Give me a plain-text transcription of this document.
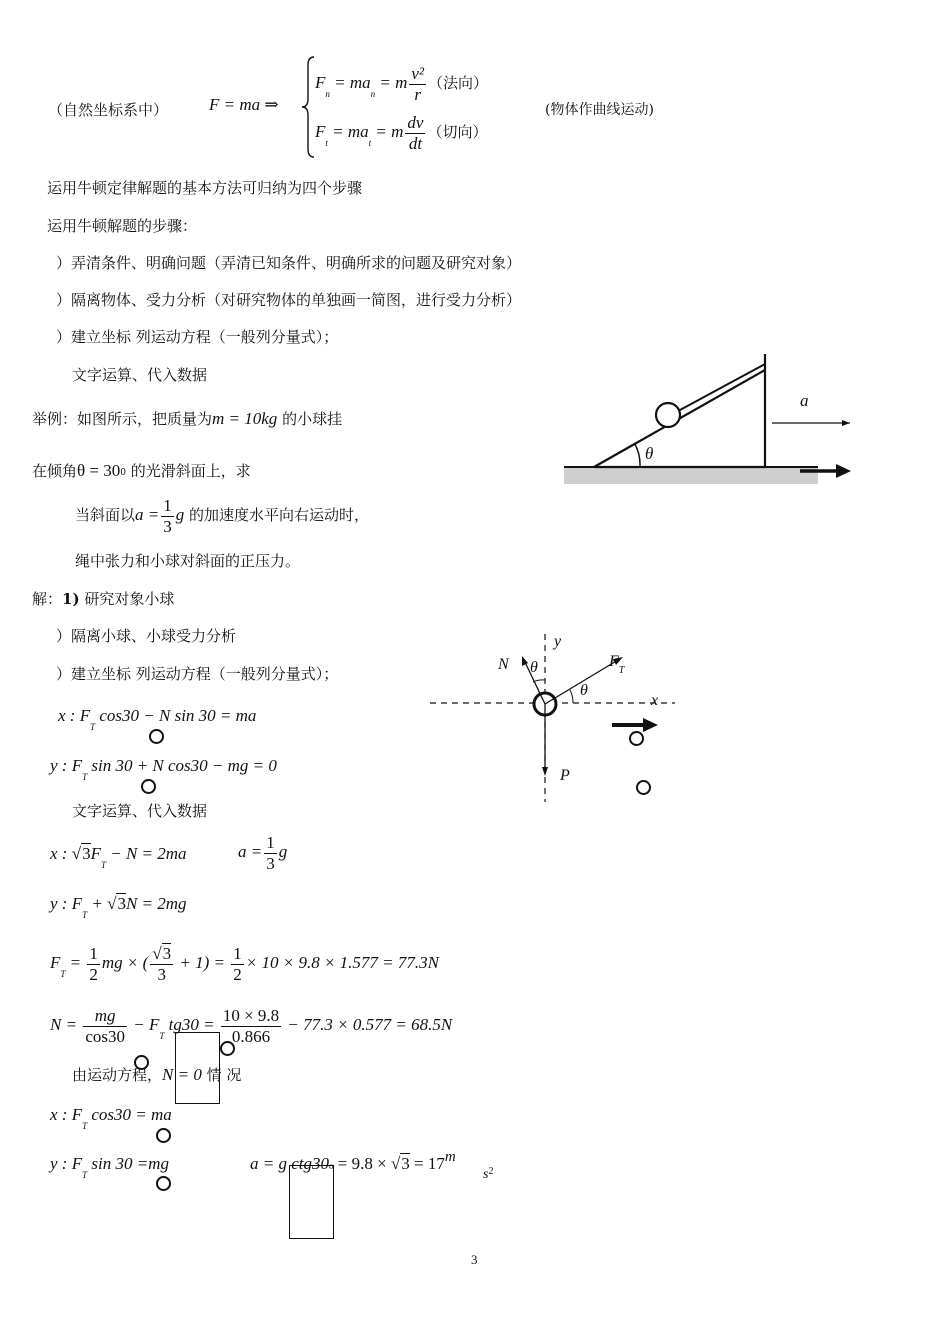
（自然坐标系中） F = ma ⇒
$F_n = ma_n = m \frac{\text{v²}}{r}$ （法向）
$F_t = ma_t = m \frac{dv}{dt}$ （切向）
(物体作曲线运动)
运用牛顿定律解题的基本方法可归纳为四个步骤
运用牛顿解题的步骤：
）弄清条件、明确问题（弄清已知条件、明确所求的问题及研究对象）
）隔离物体、受力分析（对研究物体的单独画一简图，进行受力分析）
）建立坐标 列运动方程（一般列分量式）；
文字运算、代入数据
举例：如图所示，把质量为m = 10kg 的小球挂
在倾角θ = 300 的光滑斜面上，求
当斜面以$a = \frac{1}{3}$ g 的加速度水平向右运动时，
绳中张力和小球对斜面的正压力。
θ
a
解：1) 研究对象小球
）隔离小球、小球受力分析
）建立坐标 列运动方程（一般列分量式）；
x : $F_T$ cos30 − N sin 30 = ma
y : $F_T$ sin 30 + N cos30 − mg = 0
文字运算、代入数据
x : $√3F_T - N = 2ma$	$a = \frac{1}{3}$ g
y : $F_T + √3N = 2mg$
$F_T = \frac{1}{2}$ mg × ( $\frac{√3}{3} + 1) = \frac{1}{2} \times 10 \times 9.8 \times 1.577 = 77.3N$
$N = \frac{mg}{\cos 30} - F_T$ $tg30 = \frac{10 \times 9.8}{0.866} - 77.3 \times 0.577 = 68.5N$
由运动方程，N = 0 情 况
x : $F_T$ cos30 = ma
y : $F_T$ sin 30 =mg	a = g ctg30o = 9.8 × √3 = 17m
$s^2$
y
x
N θ	$F_T$
θ
P
3
